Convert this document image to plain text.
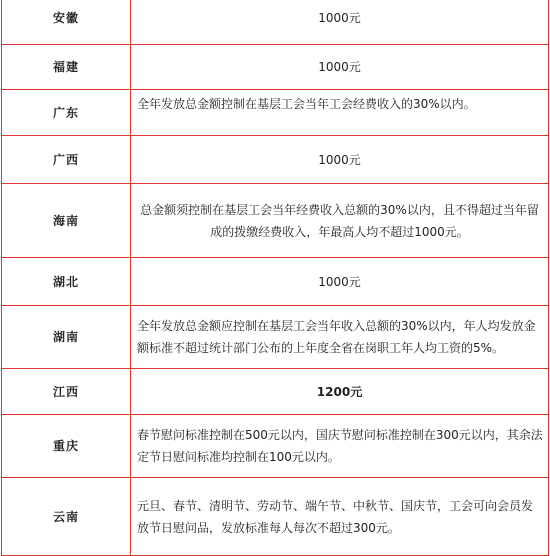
安徽	1000元
福建	1000元
广东	全年发放总金额控制在基层工会当年工会经费收入的30%以内。
广西	1000元
海南	总金额须控制在基层工会当年经费收入总额的30%以内，且不得超过当年留成的拨缴经费收入，年最高人均不超过1000元。
湖北	1000元
湖南	全年发放总金额应控制在基层工会当年收入总额的30%以内，年人均发放金额标准不超过统计部门公布的上年度全省在岗职工年人均工资的5%。
江西	1200元
重庆	春节慰问标准控制在500元以内，国庆节慰问标准控制在300元以内，其余法定节日慰问标准均控制在100元以内。
云南	元旦、春节、清明节、劳动节、端午节、中秋节、国庆节，工会可向会员发放节日慰问品，发放标准每人每次不超过300元。
